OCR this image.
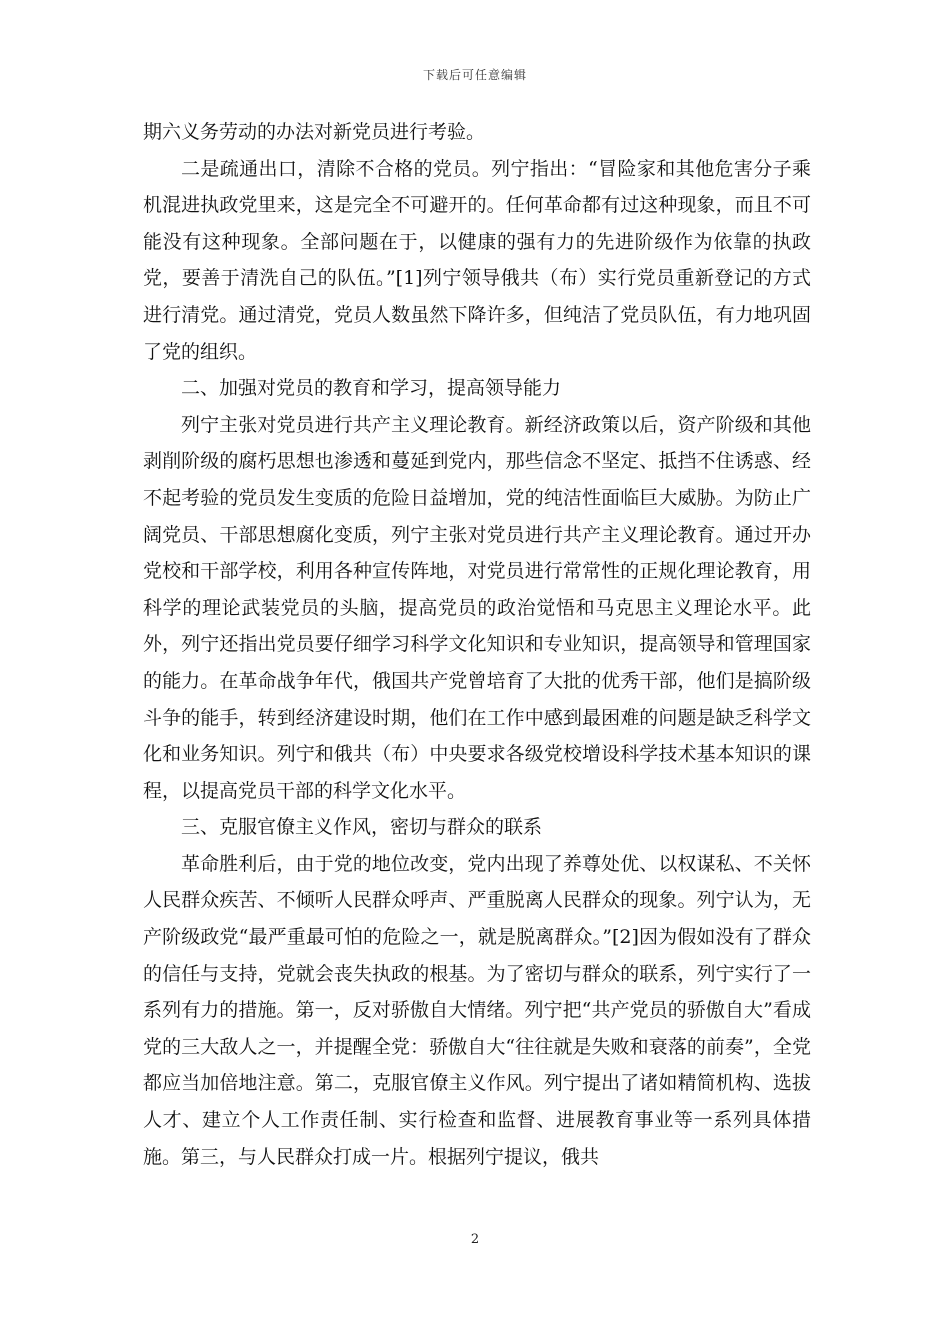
下载后可任意编辑

期六义务劳动的办法对新党员进行考验。

二是疏通出口，清除不合格的党员。列宁指出：“冒险家和其他危害分子乘机混进执政党里来，这是完全不可避开的。任何革命都有过这种现象，而且不可能没有这种现象。全部问题在于，以健康的强有力的先进阶级作为依靠的执政党，要善于清洗自己的队伍。”[1]列宁领导俄共（布）实行党员重新登记的方式进行清党。通过清党，党员人数虽然下降许多，但纯洁了党员队伍，有力地巩固了党的组织。

二、加强对党员的教育和学习，提高领导能力

列宁主张对党员进行共产主义理论教育。新经济政策以后，资产阶级和其他剥削阶级的腐朽思想也渗透和蔓延到党内，那些信念不坚定、抵挡不住诱惑、经不起考验的党员发生变质的危险日益增加，党的纯洁性面临巨大威胁。为防止广阔党员、干部思想腐化变质，列宁主张对党员进行共产主义理论教育。通过开办党校和干部学校，利用各种宣传阵地，对党员进行常常性的正规化理论教育，用科学的理论武装党员的头脑，提高党员的政治觉悟和马克思主义理论水平。此外，列宁还指出党员要仔细学习科学文化知识和专业知识，提高领导和管理国家的能力。在革命战争年代，俄国共产党曾培育了大批的优秀干部，他们是搞阶级斗争的能手，转到经济建设时期，他们在工作中感到最困难的问题是缺乏科学文化和业务知识。列宁和俄共（布）中央要求各级党校增设科学技术基本知识的课程，以提高党员干部的科学文化水平。

三、克服官僚主义作风，密切与群众的联系

革命胜利后，由于党的地位改变，党内出现了养尊处优、以权谋私、不关怀人民群众疾苦、不倾听人民群众呼声、严重脱离人民群众的现象。列宁认为，无产阶级政党“最严重最可怕的危险之一，就是脱离群众。”[2]因为假如没有了群众的信任与支持，党就会丧失执政的根基。为了密切与群众的联系，列宁实行了一系列有力的措施。第一，反对骄傲自大情绪。列宁把“共产党员的骄傲自大”看成党的三大敌人之一，并提醒全党：骄傲自大“往往就是失败和衰落的前奏”，全党都应当加倍地注意。第二，克服官僚主义作风。列宁提出了诸如精简机构、选拔人才、建立个人工作责任制、实行检查和监督、进展教育事业等一系列具体措施。第三，与人民群众打成一片。根据列宁提议，俄共

2
